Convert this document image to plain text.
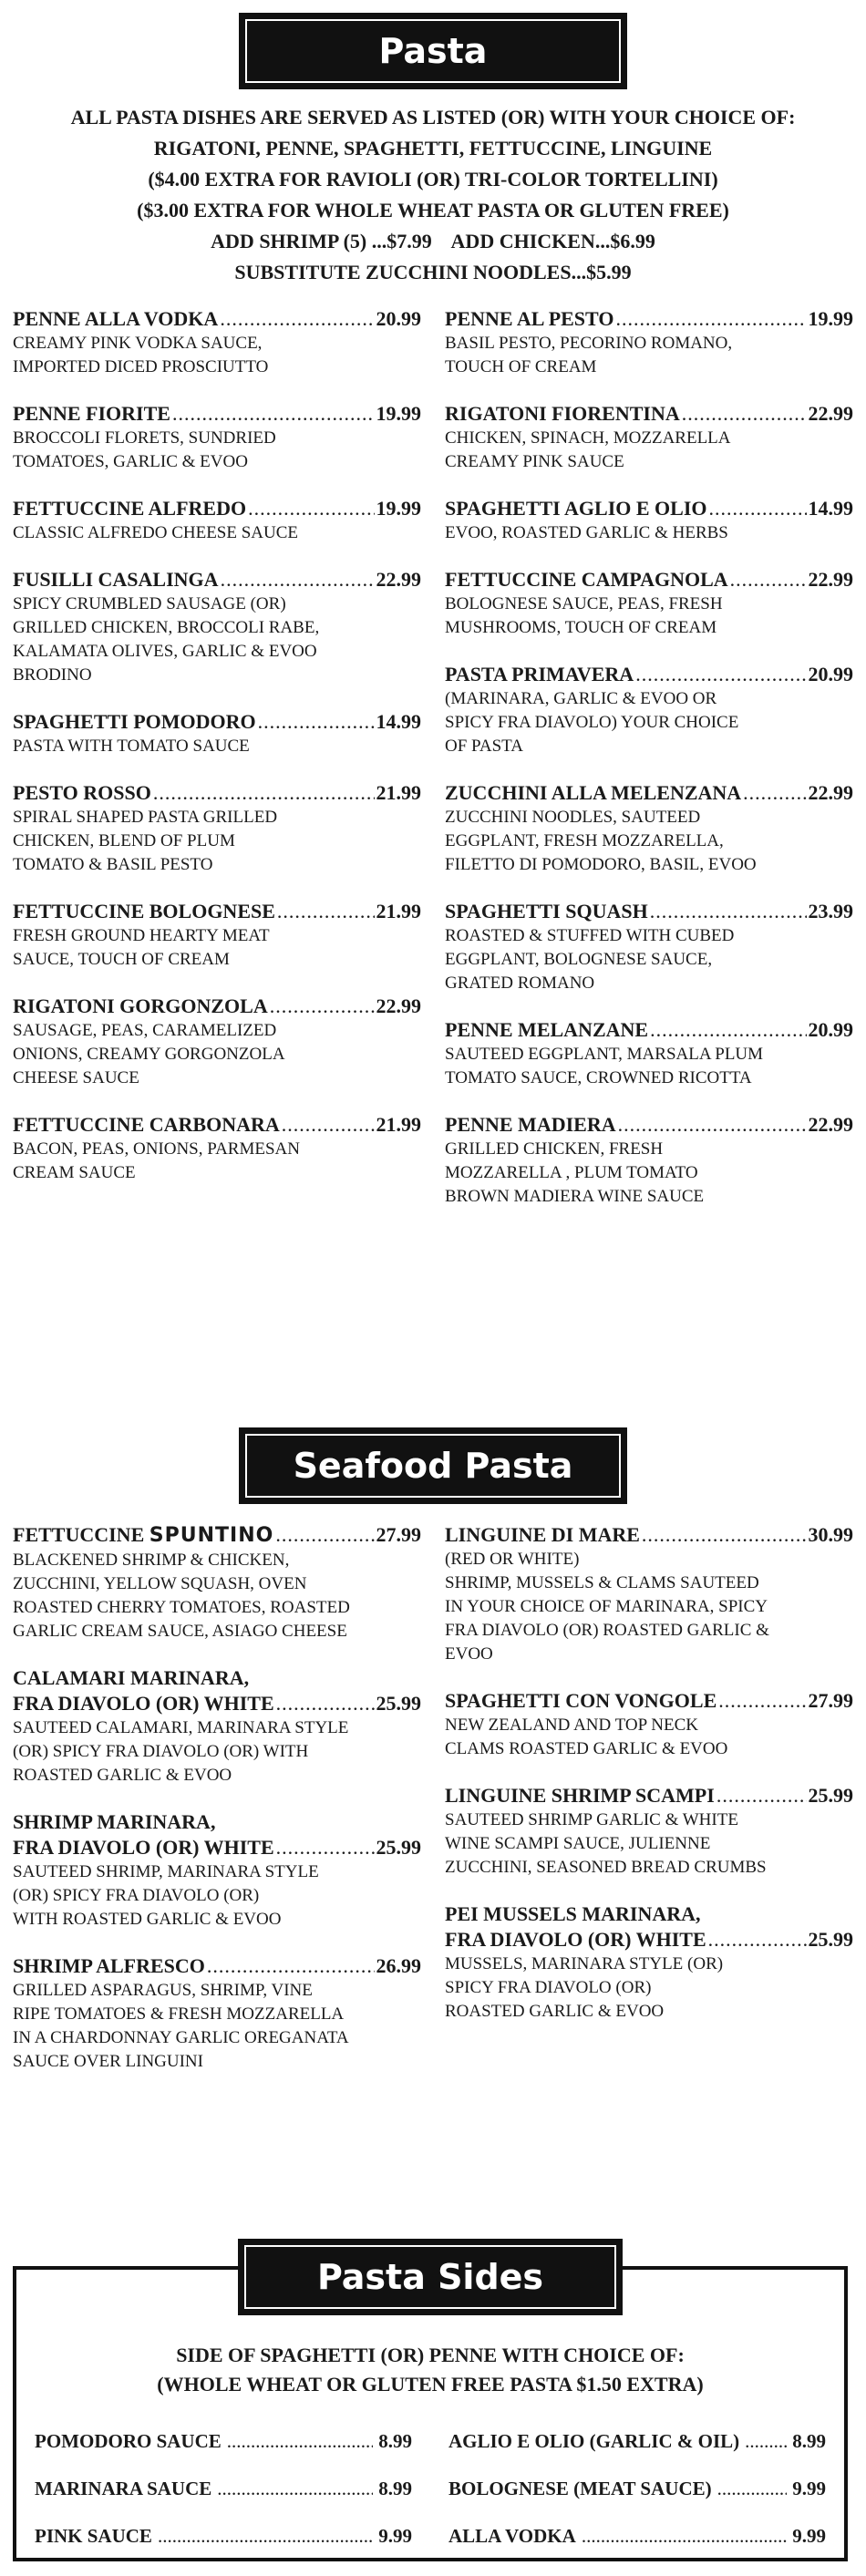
Pasta
ALL PASTA DISHES ARE SERVED AS LISTED (OR) WITH YOUR CHOICE OF:
RIGATONI, PENNE, SPAGHETTI, FETTUCCINE, LINGUINE
($4.00 EXTRA FOR RAVIOLI (OR) TRI-COLOR TORTELLINI)
($3.00 EXTRA FOR WHOLE WHEAT PASTA OR GLUTEN FREE)
ADD SHRIMP (5) ...$7.99    ADD CHICKEN...$6.99
SUBSTITUTE ZUCCHINI NOODLES...$5.99
PENNE ALLA VODKA .....	20.99
CREAMY PINK VODKA SAUCE,
IMPORTED DICED PROSCIUTTO
PENNE FIORITE .....	19.99
BROCCOLI FLORETS, SUNDRIED
TOMATOES, GARLIC & EVOO
FETTUCCINE ALFREDO .....	19.99
CLASSIC ALFREDO CHEESE SAUCE
FUSILLI CASALINGA .....	22.99
SPICY CRUMBLED SAUSAGE (OR)
GRILLED CHICKEN, BROCCOLI RABE,
KALAMATA OLIVES, GARLIC & EVOO
BRODINO
SPAGHETTI POMODORO .....	14.99
PASTA WITH TOMATO SAUCE
PESTO ROSSO .....	21.99
SPIRAL SHAPED PASTA GRILLED
CHICKEN, BLEND OF PLUM
TOMATO & BASIL PESTO
FETTUCCINE BOLOGNESE .....	21.99
FRESH GROUND HEARTY MEAT
SAUCE, TOUCH OF CREAM
RIGATONI GORGONZOLA .....	22.99
SAUSAGE, PEAS, CARAMELIZED
ONIONS, CREAMY GORGONZOLA
CHEESE SAUCE
FETTUCCINE CARBONARA .....	21.99
BACON, PEAS, ONIONS, PARMESAN
CREAM SAUCE
PENNE AL PESTO .....	19.99
BASIL PESTO, PECORINO ROMANO,
TOUCH OF CREAM
RIGATONI FIORENTINA .....	22.99
CHICKEN, SPINACH, MOZZARELLA
CREAMY PINK SAUCE
SPAGHETTI AGLIO E OLIO .....	14.99
EVOO, ROASTED GARLIC & HERBS
FETTUCCINE CAMPAGNOLA .....	22.99
BOLOGNESE SAUCE, PEAS, FRESH
MUSHROOMS, TOUCH OF CREAM
PASTA PRIMAVERA .....	20.99
(MARINARA, GARLIC & EVOO OR
SPICY FRA DIAVOLO) YOUR CHOICE
OF PASTA
ZUCCHINI ALLA MELENZANA .....	22.99
ZUCCHINI NOODLES, SAUTEED
EGGPLANT, FRESH MOZZARELLA,
FILETTO DI POMODORO, BASIL, EVOO
SPAGHETTI SQUASH .....	23.99
ROASTED & STUFFED WITH CUBED
EGGPLANT, BOLOGNESE SAUCE,
GRATED ROMANO
PENNE MELANZANE .....	20.99
SAUTEED EGGPLANT, MARSALA PLUM
TOMATO SAUCE, CROWNED RICOTTA
PENNE MADIERA .....	22.99
GRILLED CHICKEN, FRESH
MOZZARELLA , PLUM TOMATO
BROWN MADIERA WINE SAUCE
Seafood Pasta
FETTUCCINE SPUNTINO .....	27.99
BLACKENED SHRIMP & CHICKEN,
ZUCCHINI, YELLOW SQUASH, OVEN
ROASTED CHERRY TOMATOES, ROASTED
GARLIC CREAM SAUCE, ASIAGO CHEESE
CALAMARI MARINARA,
FRA DIAVOLO (OR) WHITE .....	25.99
SAUTEED CALAMARI, MARINARA STYLE
(OR) SPICY FRA DIAVOLO (OR) WITH
ROASTED GARLIC & EVOO
SHRIMP MARINARA,
FRA DIAVOLO (OR) WHITE .....	25.99
SAUTEED SHRIMP, MARINARA STYLE
(OR) SPICY FRA DIAVOLO (OR)
WITH ROASTED GARLIC & EVOO
SHRIMP ALFRESCO .....	26.99
GRILLED ASPARAGUS, SHRIMP, VINE
RIPE TOMATOES & FRESH MOZZARELLA
IN A CHARDONNAY GARLIC OREGANATA
SAUCE OVER LINGUINI
LINGUINE DI MARE .....	30.99
(RED OR WHITE)
SHRIMP, MUSSELS & CLAMS SAUTEED
IN YOUR CHOICE OF MARINARA, SPICY
FRA DIAVOLO (OR) ROASTED GARLIC &
EVOO
SPAGHETTI CON VONGOLE .....	27.99
NEW ZEALAND AND TOP NECK
CLAMS ROASTED GARLIC & EVOO
LINGUINE SHRIMP SCAMPI .....	25.99
SAUTEED SHRIMP GARLIC & WHITE
WINE SCAMPI SAUCE, JULIENNE
ZUCCHINI, SEASONED BREAD CRUMBS
PEI MUSSELS MARINARA,
FRA DIAVOLO (OR) WHITE .....	25.99
MUSSELS, MARINARA STYLE (OR)
SPICY FRA DIAVOLO (OR)
ROASTED GARLIC & EVOO
Pasta Sides
SIDE OF SPAGHETTI (OR) PENNE WITH CHOICE OF:
(WHOLE WHEAT OR GLUTEN FREE PASTA $1.50 EXTRA)
POMODORO SAUCE .....	8.99
MARINARA SAUCE .....	8.99
PINK SAUCE .....	9.99
AGLIO E OLIO (GARLIC & OIL) .....	8.99
BOLOGNESE (MEAT SAUCE) .....	9.99
ALLA VODKA .....	9.99
